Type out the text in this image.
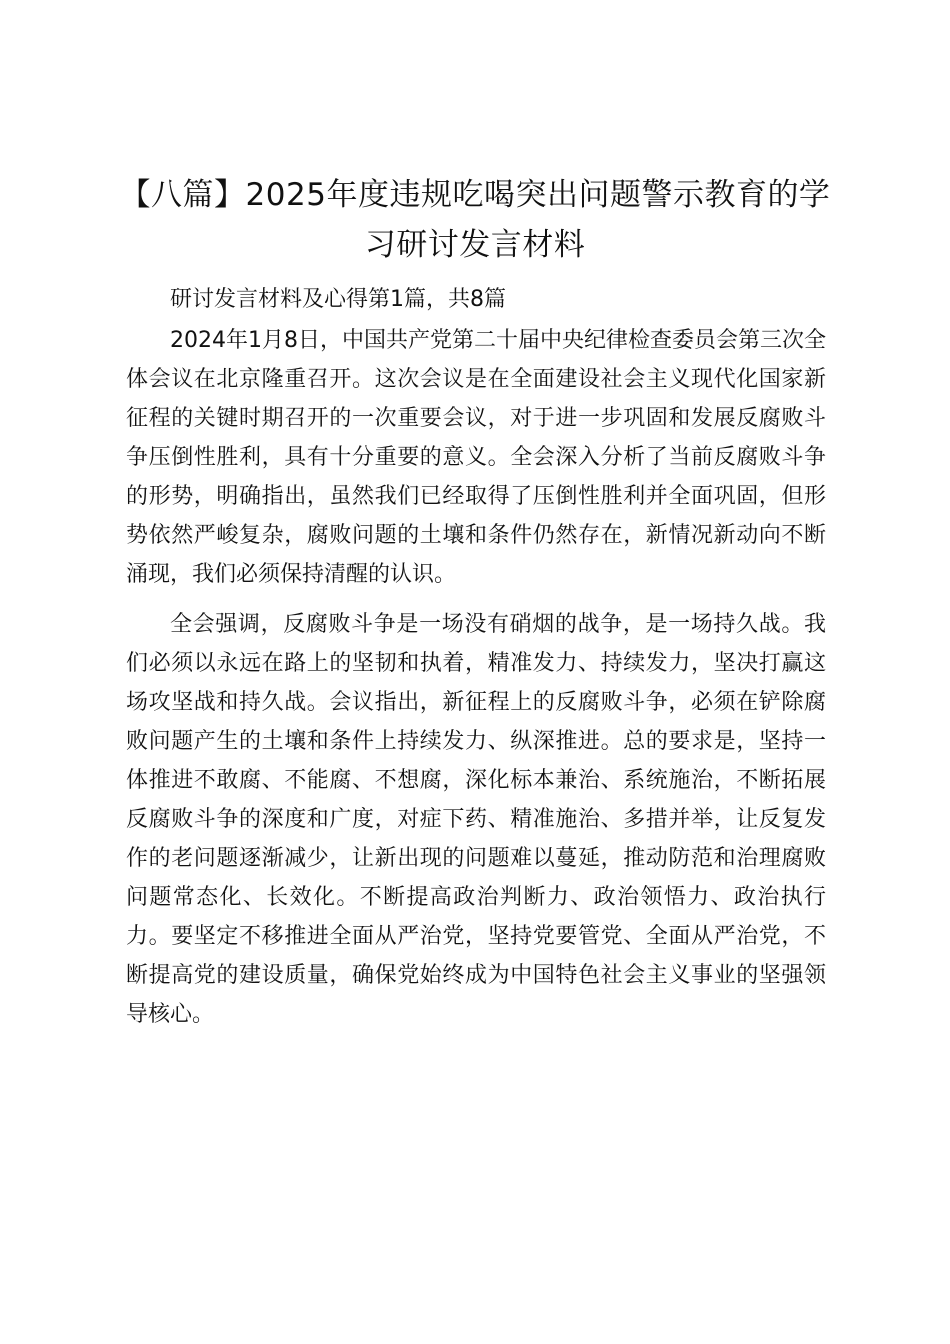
【八篇】2025年度违规吃喝突出问题警示教育的学习研讨发言材料

研讨发言材料及心得第1篇，共8篇

2024年1月8日，中国共产党第二十届中央纪律检查委员会第三次全体会议在北京隆重召开。这次会议是在全面建设社会主义现代化国家新征程的关键时期召开的一次重要会议，对于进一步巩固和发展反腐败斗争压倒性胜利，具有十分重要的意义。全会深入分析了当前反腐败斗争的形势，明确指出，虽然我们已经取得了压倒性胜利并全面巩固，但形势依然严峻复杂，腐败问题的土壤和条件仍然存在，新情况新动向不断涌现，我们必须保持清醒的认识。

全会强调，反腐败斗争是一场没有硝烟的战争，是一场持久战。我们必须以永远在路上的坚韧和执着，精准发力、持续发力，坚决打赢这场攻坚战和持久战。会议指出，新征程上的反腐败斗争，必须在铲除腐败问题产生的土壤和条件上持续发力、纵深推进。总的要求是，坚持一体推进不敢腐、不能腐、不想腐，深化标本兼治、系统施治，不断拓展反腐败斗争的深度和广度，对症下药、精准施治、多措并举，让反复发作的老问题逐渐减少，让新出现的问题难以蔓延，推动防范和治理腐败问题常态化、长效化。不断提高政治判断力、政治领悟力、政治执行力。要坚定不移推进全面从严治党，坚持党要管党、全面从严治党，不断提高党的建设质量，确保党始终成为中国特色社会主义事业的坚强领导核心。
